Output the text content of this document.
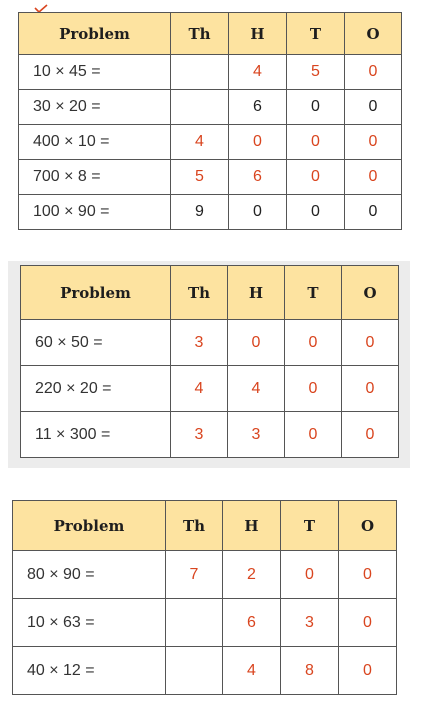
Problem	Th	H	T	O
10 × 45 =		4	5	0
30 × 20 =		6	0	0
400 × 10 =	4	0	0	0
700 × 8 =	5	6	0	0
100 × 90 =	9	0	0	0
Problem	Th	H	T	O
60 × 50 =	3	0	0	0
220 × 20 =	4	4	0	0
11 × 300 =	3	3	0	0
Problem	Th	H	T	O
80 × 90 =	7	2	0	0
10 × 63 =		6	3	0
40 × 12 =		4	8	0
